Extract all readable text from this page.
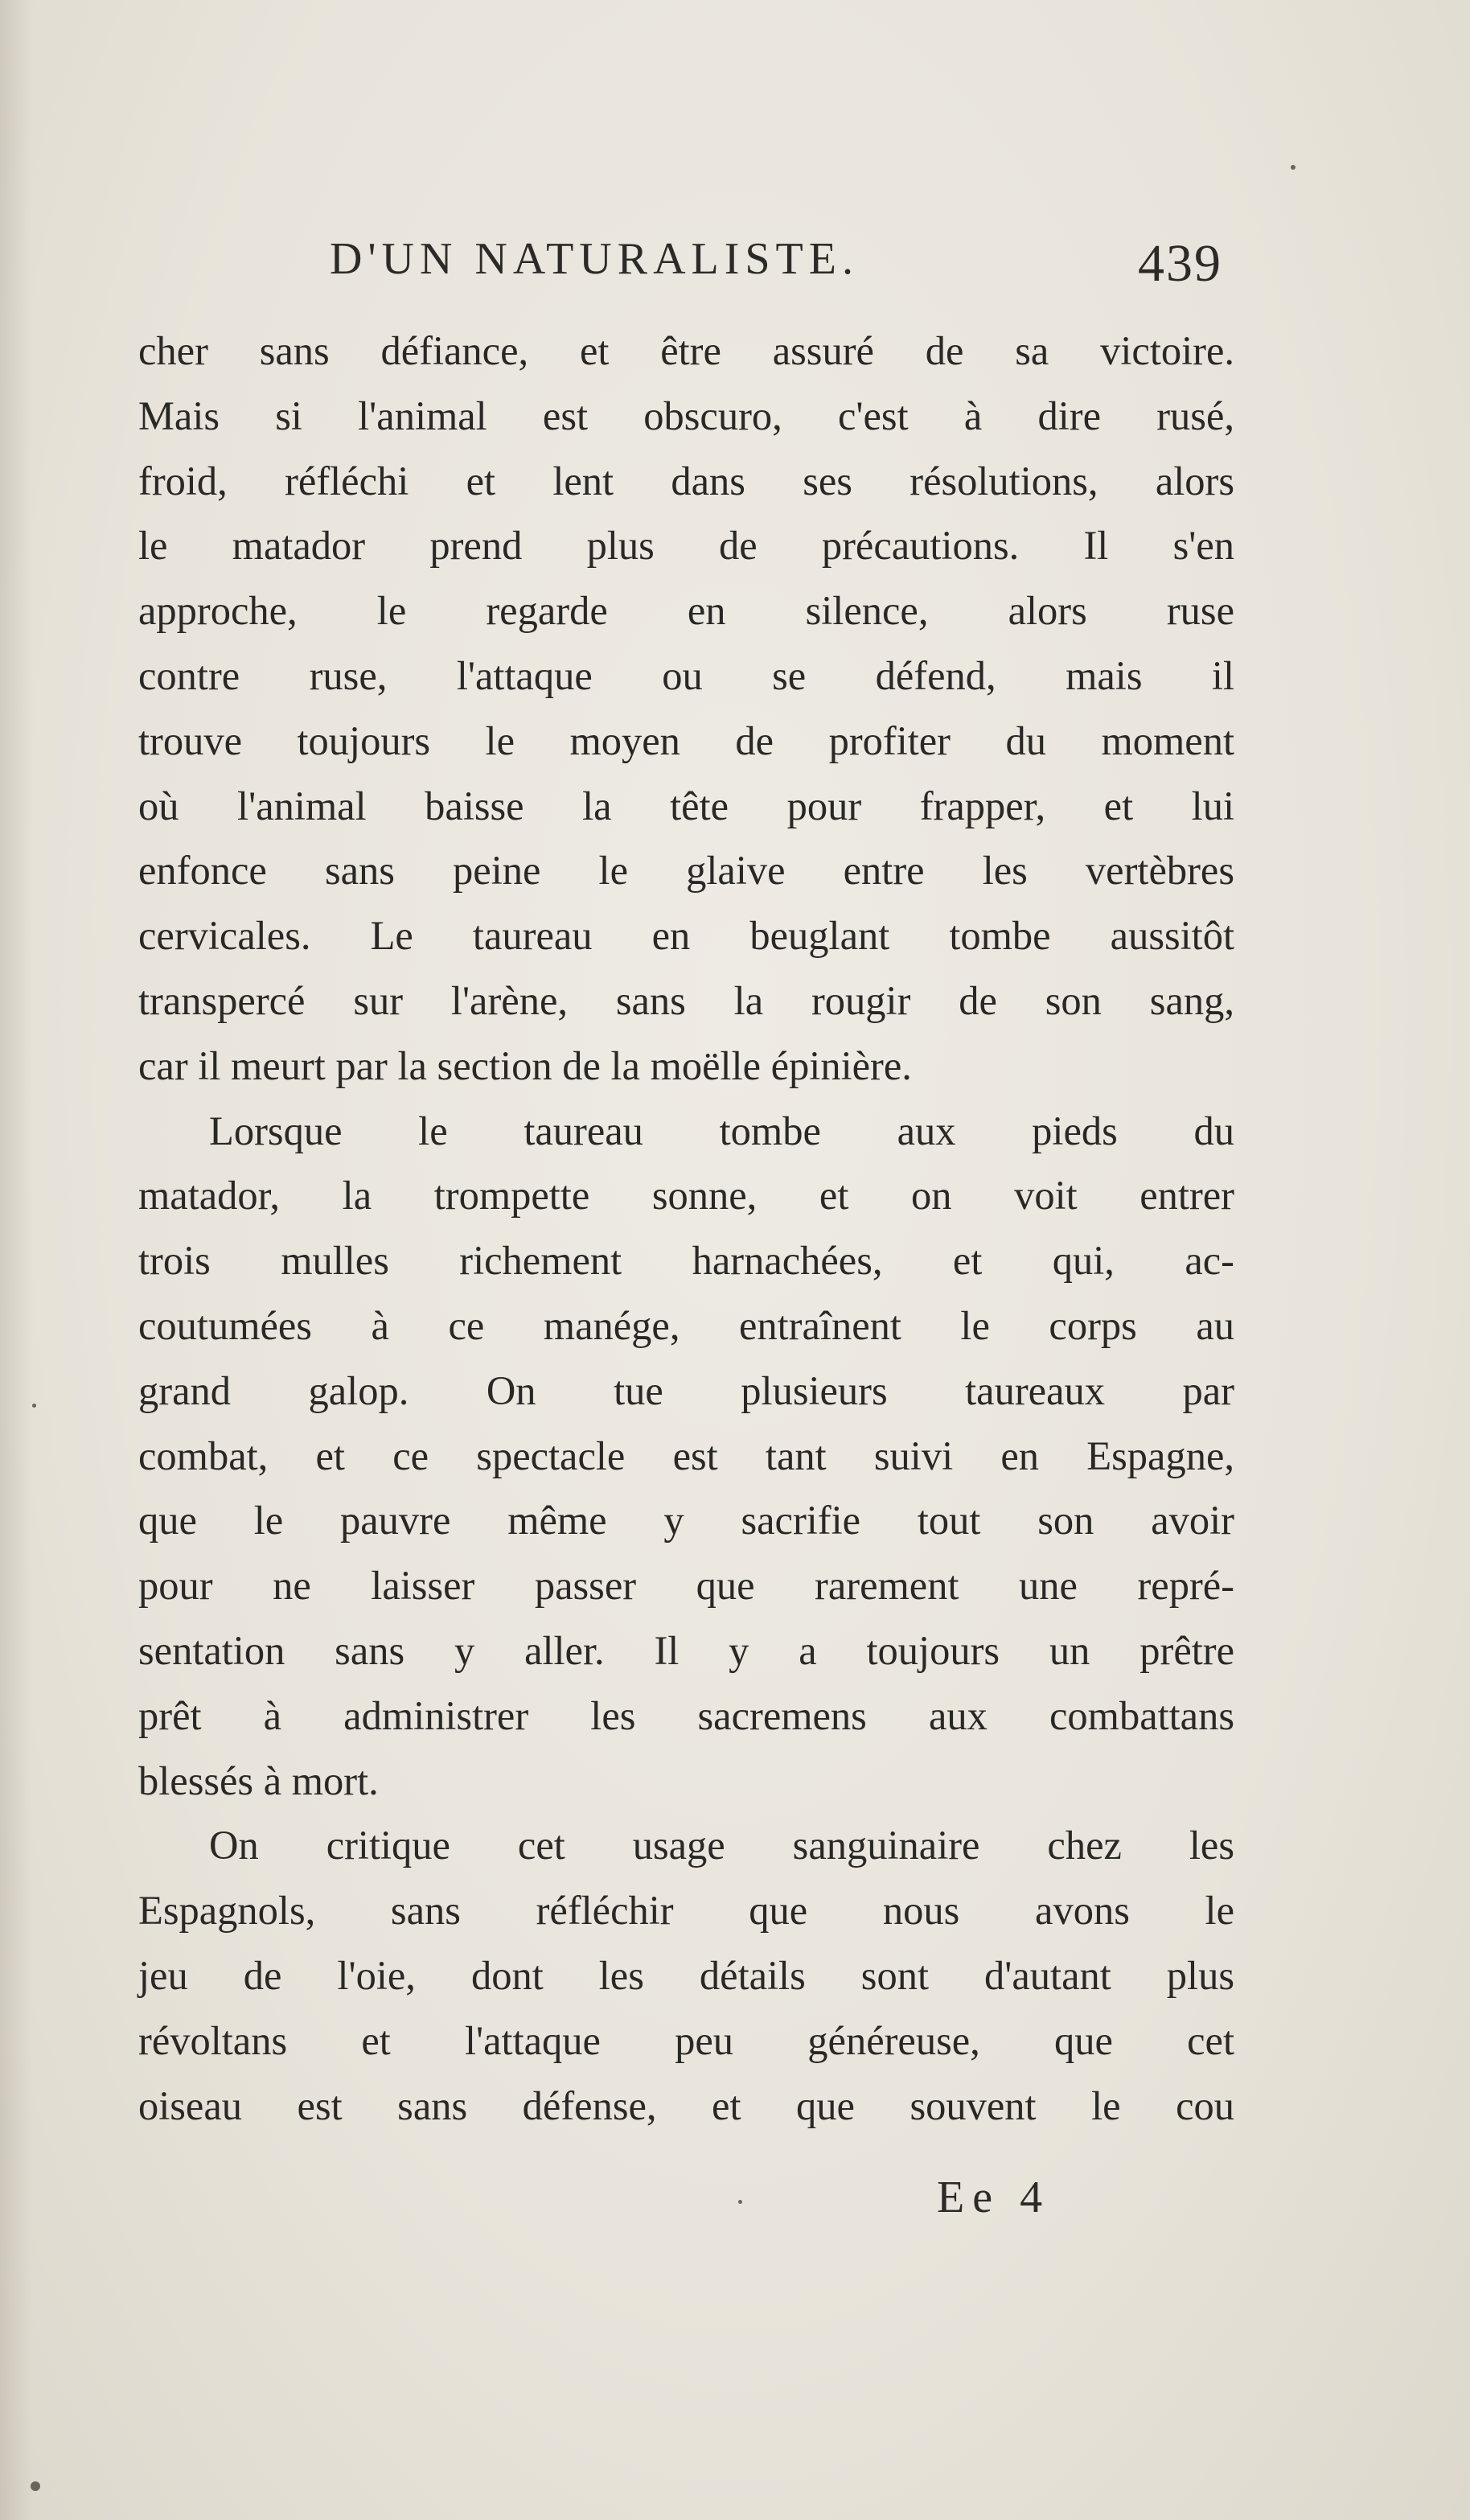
D'UN NATURALISTE.	439
cher sans défiance, et être assuré de sa victoire.
Mais si l'animal est obscuro, c'est à dire rusé,
froid, réfléchi et lent dans ses résolutions, alors
le matador prend plus de précautions. Il s'en
approche, le regarde en silence, alors ruse
contre ruse, l'attaque ou se défend, mais il
trouve toujours le moyen de profiter du moment
où l'animal baisse la tête pour frapper, et lui
enfonce sans peine le glaive entre les vertèbres
cervicales. Le taureau en beuglant tombe aussitôt
transpercé sur l'arène, sans la rougir de son sang,
car il meurt par la section de la moëlle épinière.
Lorsque le taureau tombe aux pieds du
matador, la trompette sonne, et on voit entrer
trois mulles richement harnachées, et qui, ac-
coutumées à ce manége, entraînent le corps au
grand galop. On tue plusieurs taureaux par
combat, et ce spectacle est tant suivi en Espagne,
que le pauvre même y sacrifie tout son avoir
pour ne laisser passer que rarement une repré-
sentation sans y aller. Il y a toujours un prêtre
prêt à administrer les sacremens aux combattans
blessés à mort.
On critique cet usage sanguinaire chez les
Espagnols, sans réfléchir que nous avons le
jeu de l'oie, dont les détails sont d'autant plus
révoltans et l'attaque peu généreuse, que cet
oiseau est sans défense, et que souvent le cou
Ee 4
